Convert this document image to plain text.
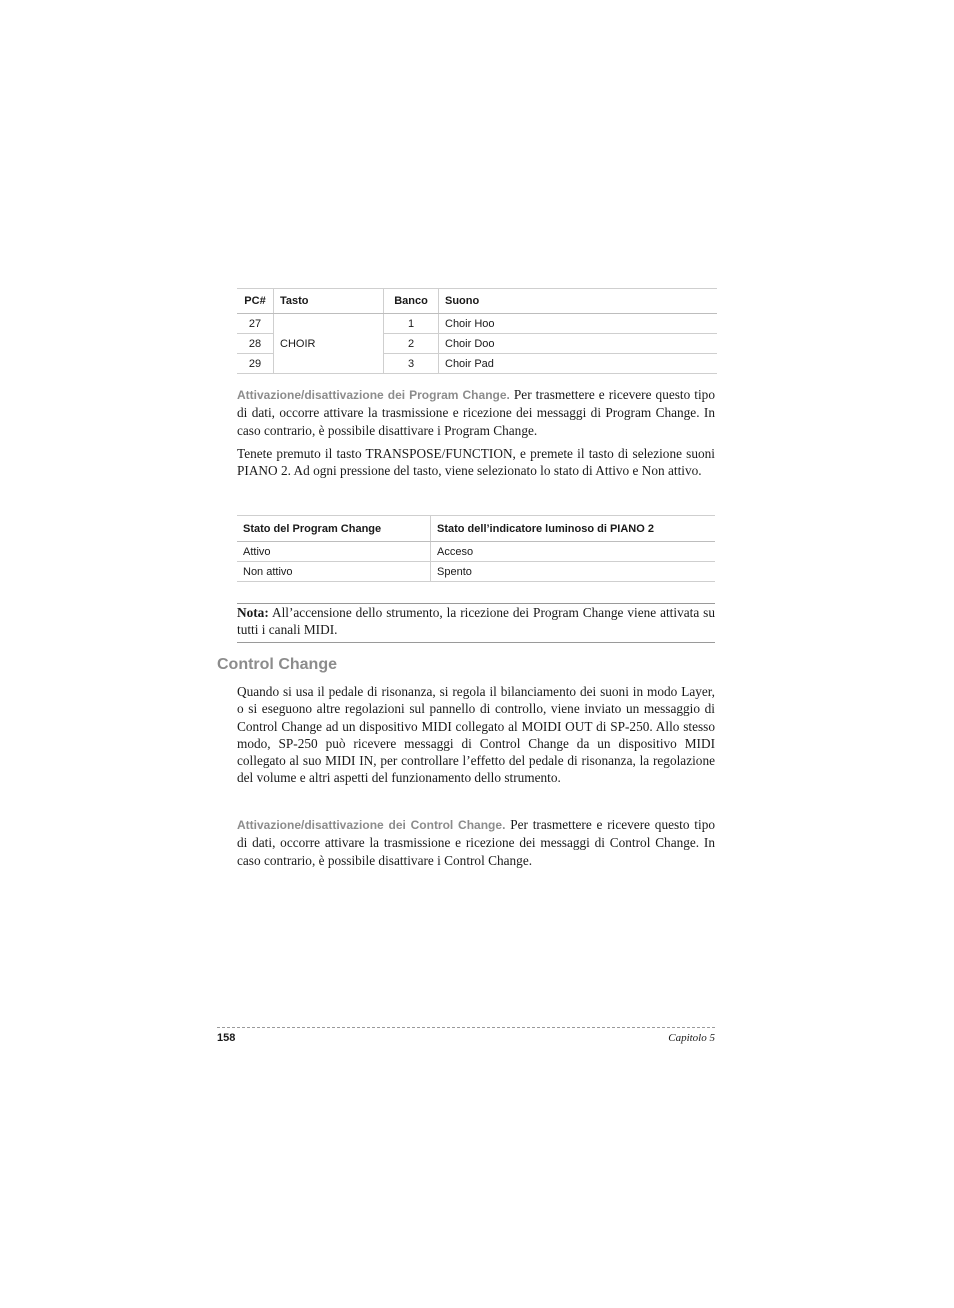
PC#	Tasto	Banco	Suono
27	CHOIR	1	Choir Hoo
28		2	Choir Doo
29		3	Choir Pad

Attivazione/disattivazione dei Program Change. Per trasmettere e ricevere questo tipo di dati, occorre attivare la trasmissione e ricezione dei messaggi di Program Change. In caso contrario, è possibile disattivare i Program Change.

Tenete premuto il tasto TRANSPOSE/FUNCTION, e premete il tasto di selezione suoni PIANO 2. Ad ogni pressione del tasto, viene selezionato lo stato di Attivo e Non attivo.

Stato del Program Change	Stato dell’indicatore luminoso di PIANO 2
Attivo	Acceso
Non attivo	Spento
Nota: All’accensione dello strumento, la ricezione dei Program Change viene attivata su tutti i canali MIDI.
Control Change

Quando si usa il pedale di risonanza, si regola il bilanciamento dei suoni in modo Layer, o si eseguono altre regolazioni sul pannello di controllo, viene inviato un messaggio di Control Change ad un dispositivo MIDI collegato al MOIDI OUT di SP-250. Allo stesso modo, SP-250 può ricevere messaggi di Control Change da un dispositivo MIDI collegato al suo MIDI IN, per controllare l’effetto del pedale di risonanza, la regolazione del volume e altri aspetti del funzionamento dello strumento.

Attivazione/disattivazione dei Control Change. Per trasmettere e ricevere questo tipo di dati, occorre attivare la trasmissione e ricezione dei messaggi di Control Change. In caso contrario, è possibile disattivare i Control Change.

158	Capitolo 5
